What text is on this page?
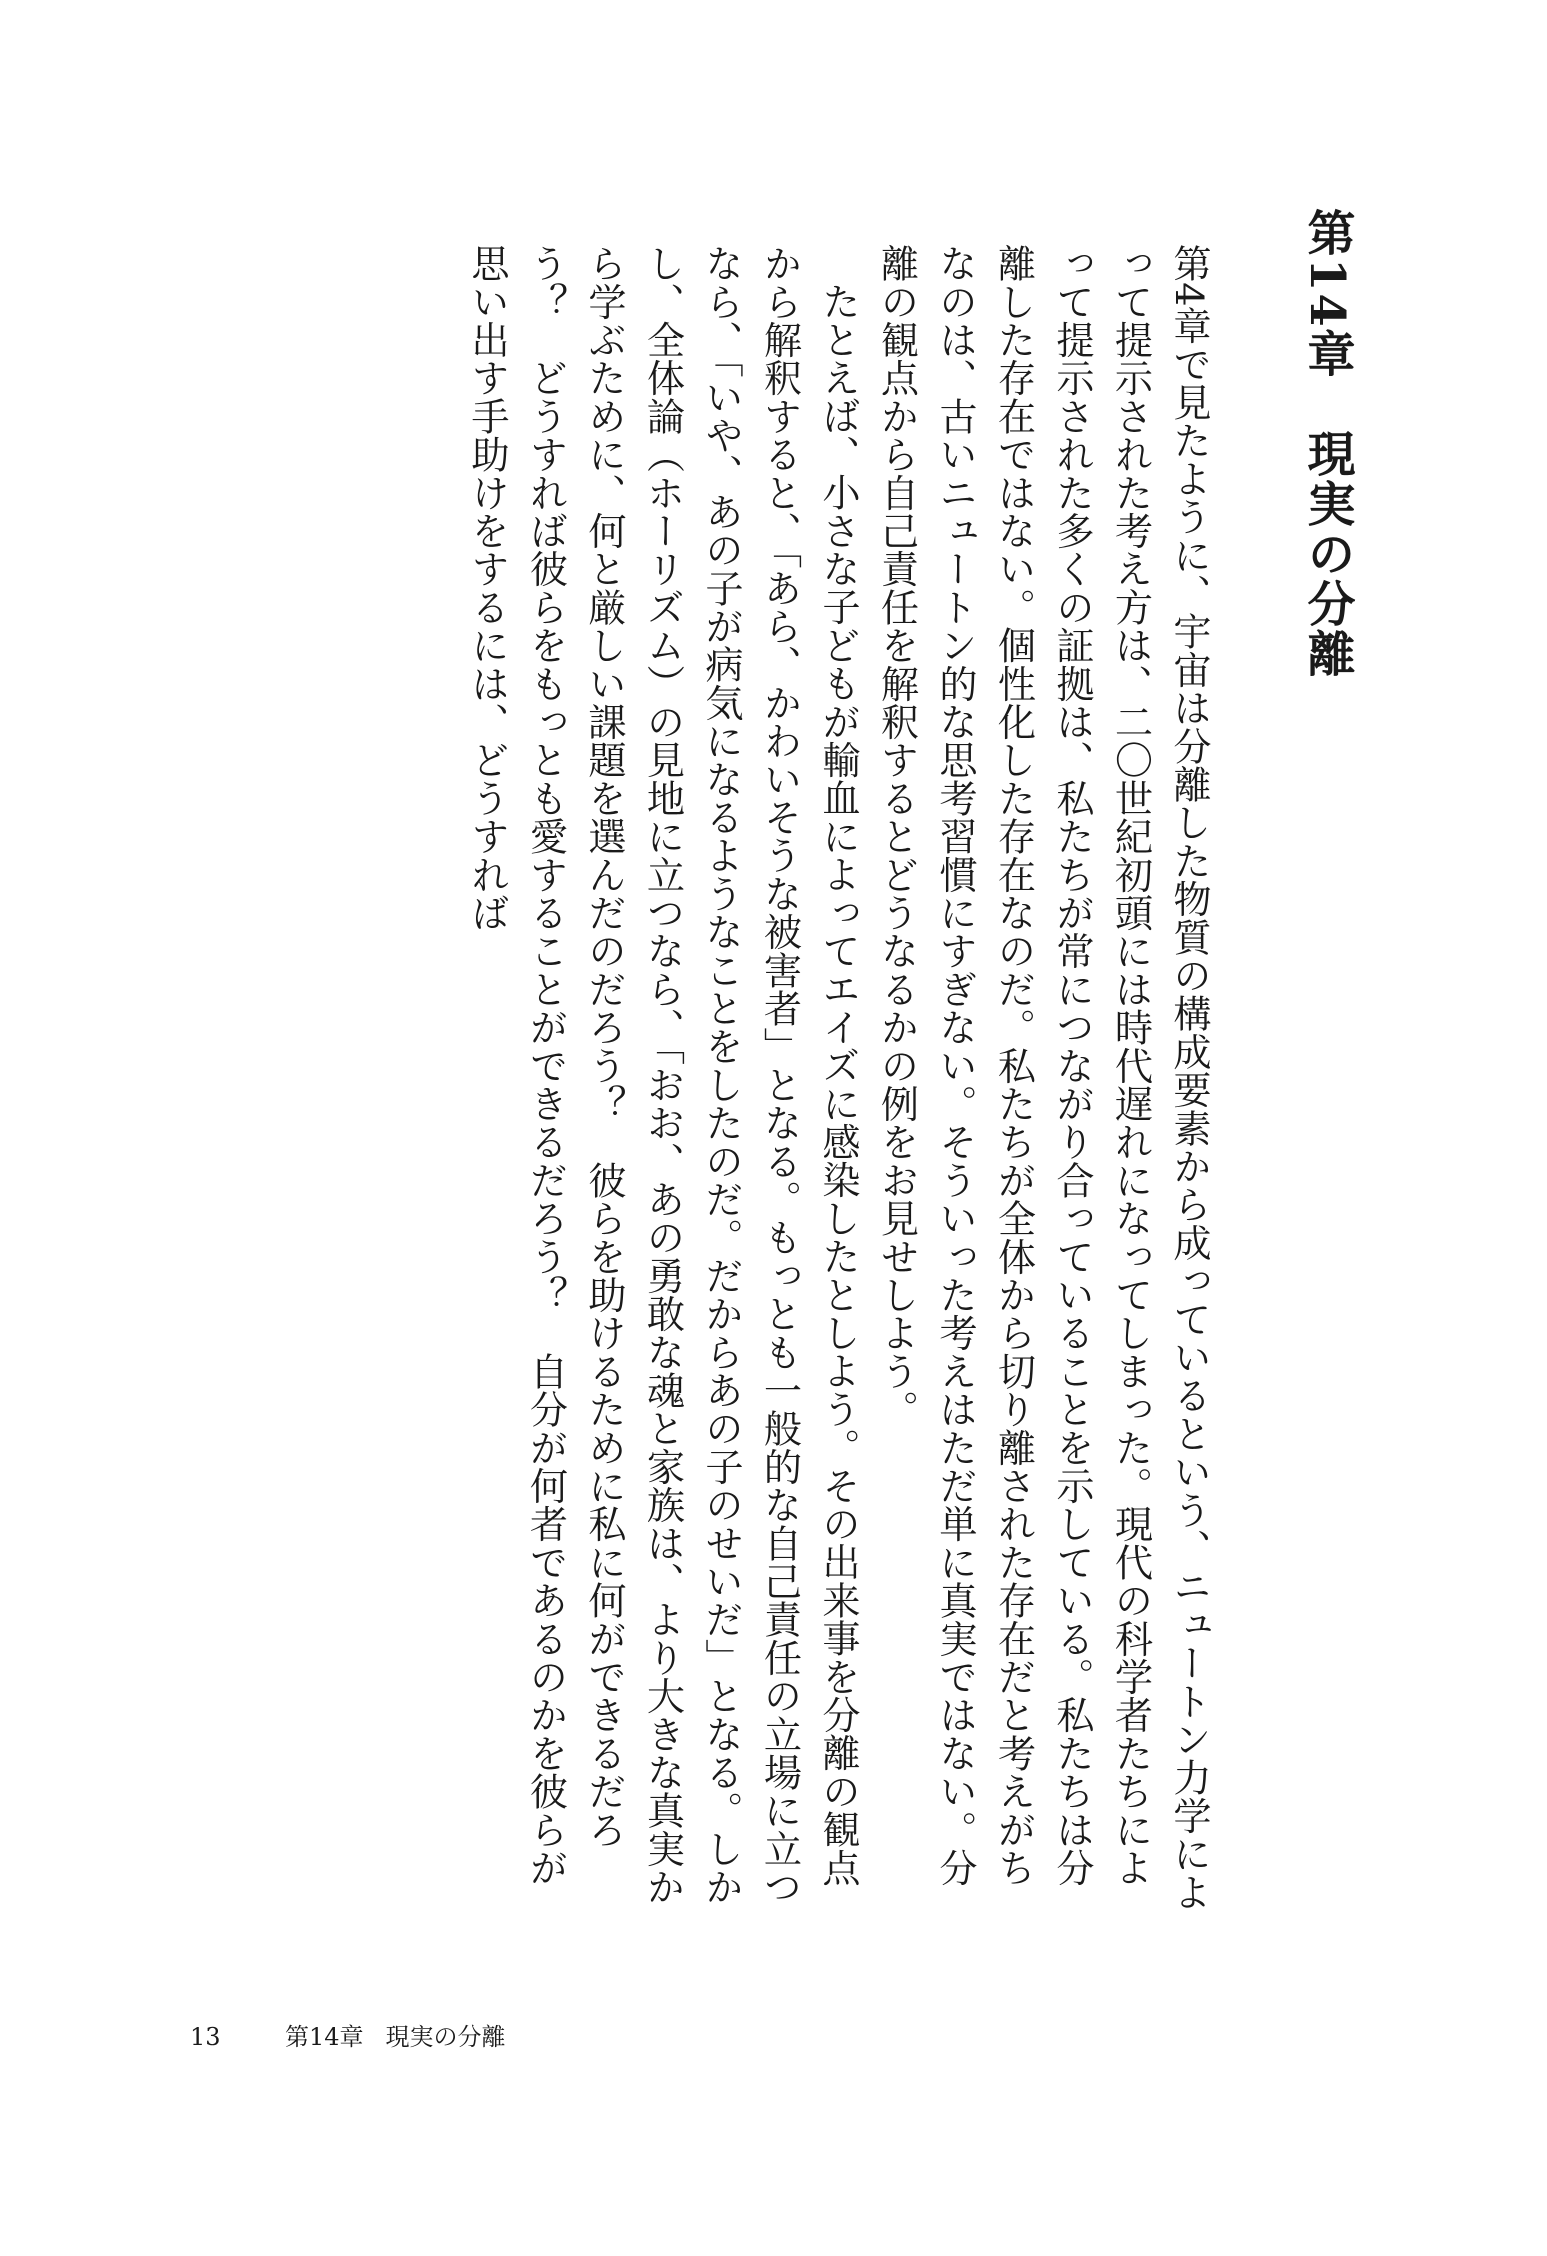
第14章　現実の分離

第4章で見たように、宇宙は分離した物質の構成要素から成っているという、ニュートン力学によって提示された考え方は、二〇世紀初頭には時代遅れになってしまった。現代の科学者たちによって提示された多くの証拠は、私たちが常につながり合っていることを示している。私たちは分離した存在ではない。個性化した存在なのだ。私たちが全体から切り離された存在だと考えがちなのは、古いニュートン的な思考習慣にすぎない。そういった考えはただ単に真実ではない。分離の観点から自己責任を解釈するとどうなるかの例をお見せしよう。

たとえば、小さな子どもが輸血によってエイズに感染したとしよう。その出来事を分離の観点から解釈すると、「あら、かわいそうな被害者」となる。もっとも一般的な自己責任の立場に立つなら、「いや、あの子が病気になるようなことをしたのだ。だからあの子のせいだ」となる。しかし、全体論（ホーリズム）の見地に立つなら、「おお、あの勇敢な魂と家族は、より大きな真実から学ぶために、何と厳しい課題を選んだのだろう？　彼らを助けるために私に何ができるだろう？　どうすれば彼らをもっとも愛することができるだろう？　自分が何者であるのかを彼らが思い出す手助けをするには、どうすれば

13	第14章 現実の分離
